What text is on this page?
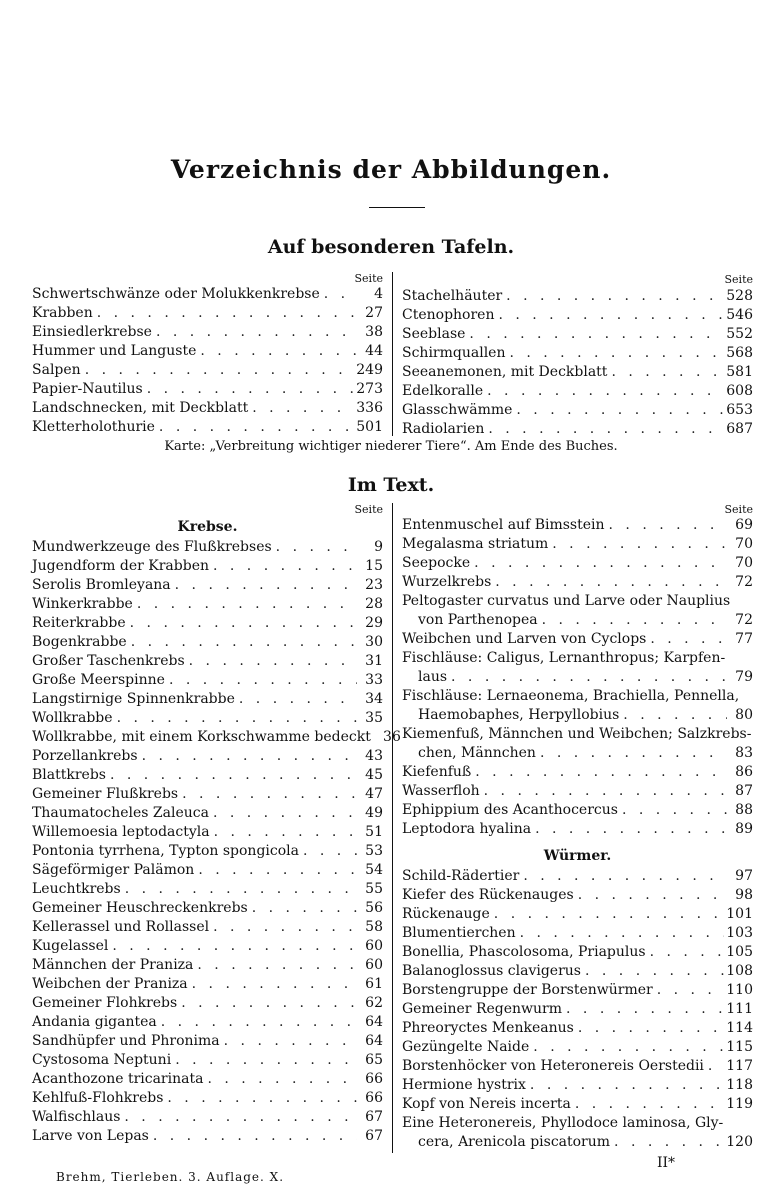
Verzeichnis der Abbildungen.
Auf besonderen Tafeln.
Seite
Schwertschwänze oder Molukkenkrebse . . .	4
Krabben . . .	27
Einsiedlerkrebse . . .	38
Hummer und Languste . . .	44
Salpen . . .	249
Papier-Nautilus . . .	273
Landschnecken, mit Deckblatt . . .	336
Kletterholothurie . . .	501
Seite
Stachelhäuter . . .	528
Ctenophoren . . .	546
Seeblase . . .	552
Schirmquallen . . .	568
Seeanemonen, mit Deckblatt . . .	581
Edelkoralle . . .	608
Glasschwämme . . .	653
Radiolarien . . .	687
Karte: „Verbreitung wichtiger niederer Tiere“. Am Ende des Buches.
Im Text.
Seite
Krebse.
Mundwerkzeuge des Flußkrebses . . .	9
Jugendform der Krabben . . .	15
Serolis Bromleyana . . .	23
Winkerkrabbe . . .	28
Reiterkrabbe . . .	29
Bogenkrabbe . . .	30
Großer Taschenkrebs . . .	31
Große Meerspinne . . .	33
Langstirnige Spinnenkrabbe . . .	34
Wollkrabbe . . .	35
Wollkrabbe, mit einem Korkschwamme bedeckt . . . 36
Porzellankrebs . . .	43
Blattkrebs . . .	45
Gemeiner Flußkrebs . . .	47
Thaumatocheles Zaleuca . . .	49
Willemoesia leptodactyla . . .	51
Pontonia tyrrhena, Typton spongicola . . .	53
Sägeförmiger Palämon . . .	54
Leuchtkrebs . . .	55
Gemeiner Heuschreckenkrebs . . .	56
Kellerassel und Rollassel . . .	58
Kugelassel . . .	60
Männchen der Praniza . . .	60
Weibchen der Praniza . . .	61
Gemeiner Flohkrebs . . .	62
Andania gigantea . . .	64
Sandhüpfer und Phronima . . .	64
Cystosoma Neptuni . . .	65
Acanthozone tricarinata . . .	66
Kehlfuß-Flohkrebs . . .	66
Walfischlaus . . .	67
Larve von Lepas . . .	67
Seite
Entenmuschel auf Bimsstein . . .	69
Megalasma striatum . . .	70
Seepocke . . .	70
Wurzelkrebs . . .	72
Peltogaster curvatus und Larve oder Nauplius
von Parthenopea . . .	72
Weibchen und Larven von Cyclops . . .	77
Fischläuse: Caligus, Lernanthropus; Karpfen-
laus . . .	79
Fischläuse: Lernaeonema, Brachiella, Pennella,
Haemobaphes, Herpyllobius . . .	80
Kiemenfuß, Männchen und Weibchen; Salzkrebs-
chen, Männchen . . .	83
Kiefenfuß . . .	86
Wasserfloh . . .	87
Ephippium des Acanthocercus . . .	88
Leptodora hyalina . . .	89
Würmer.
Schild-Rädertier . . .	97
Kiefer des Rückenauges . . .	98
Rückenauge . . .	101
Blumentierchen . . .	103
Bonellia, Phascolosoma, Priapulus . . .	105
Balanoglossus clavigerus . . .	108
Borstengruppe der Borstenwürmer . . .	110
Gemeiner Regenwurm . . .	111
Phreoryctes Menkeanus . . .	114
Gezüngelte Naide . . .	115
Borstenhöcker von Heteronereis Oerstedii . . . 117
Hermione hystrix . . .	118
Kopf von Nereis incerta . . .	119
Eine Heteronereis, Phyllodoce laminosa, Gly-
cera, Arenicola piscatorum . . .	120
Brehm, Tierleben. 3. Auflage. X.
II*
